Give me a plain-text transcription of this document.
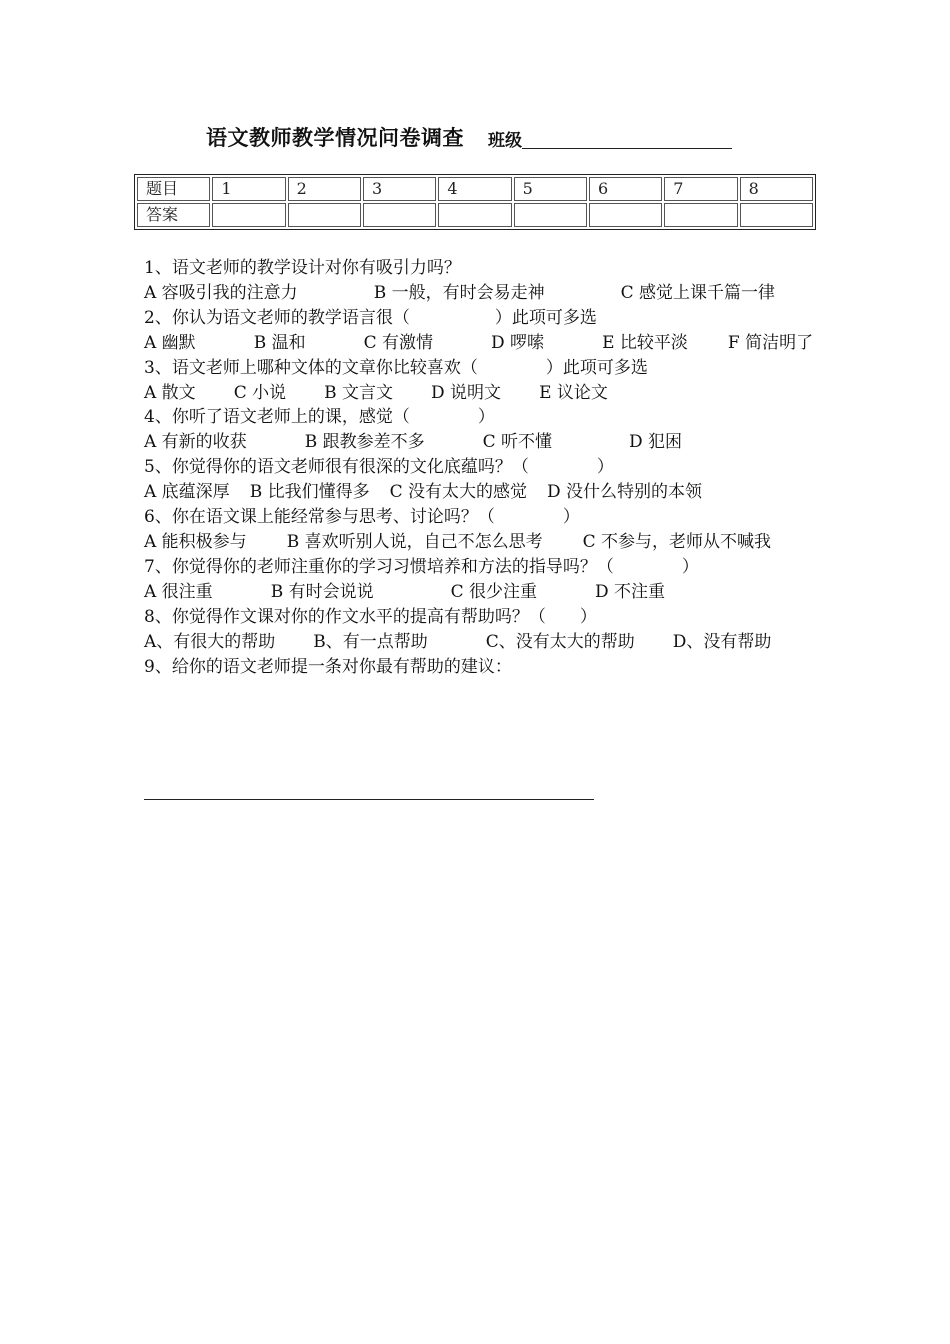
语文教师教学情况问卷调查 班级
题目	1	2	3	4	5	6	7	8
答案								
1、语文老师的教学设计对你有吸引力吗？
A 容吸引我的注意力	B 一般，有时会易走神	C 感觉上课千篇一律
2、你认为语文老师的教学语言很（　　　　　）此项可多选
A 幽默	B 温和	C 有激情	D 啰嗦	E 比较平淡 F 简洁明了
3、语文老师上哪种文体的文章你比较喜欢（　　　　）此项可多选
A 散文 C 小说 B 文言文 D 说明文 E 议论文
4、你听了语文老师上的课，感觉（　　　　）
A 有新的收获	B 跟教参差不多	C 听不懂	D 犯困
5、你觉得你的语文老师很有很深的文化底蕴吗？（　　　　）
A 底蕴深厚 B 比我们懂得多 C 没有太大的感觉 D 没什么特别的本领
6、你在语文课上能经常参与思考、讨论吗？（　　　　）
A 能积极参与 B 喜欢听别人说，自己不怎么思考 C 不参与，老师从不喊我
7、你觉得你的老师注重你的学习习惯培养和方法的指导吗？（　　　　）
A 很注重	B 有时会说说	C 很少注重	D 不注重
8、你觉得作文课对你的作文水平的提高有帮助吗？（　　）
A、有很大的帮助 B、有一点帮助	C、没有太大的帮助 D、没有帮助
9、给你的语文老师提一条对你最有帮助的建议：
